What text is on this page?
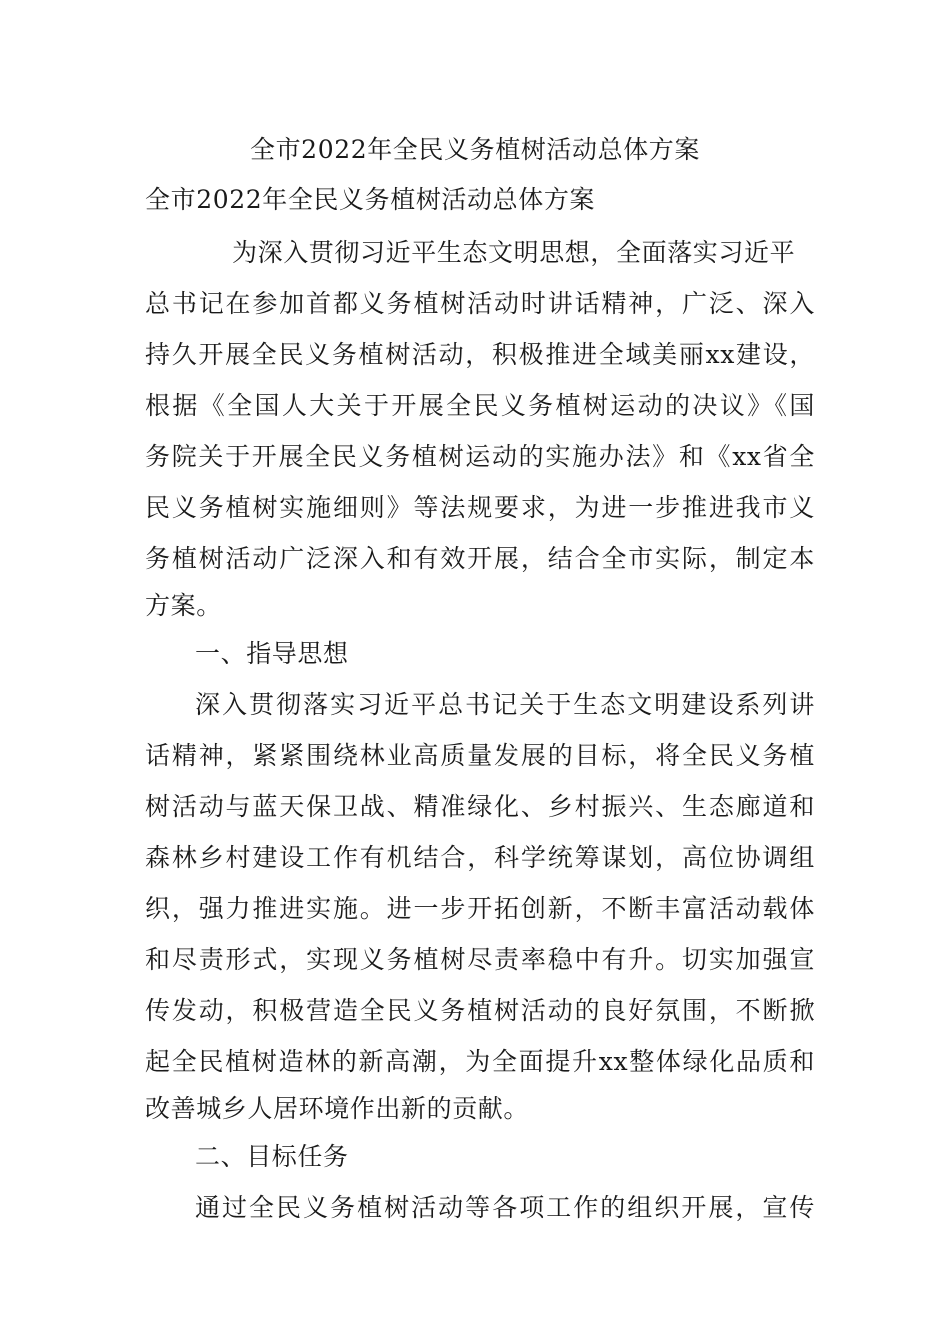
全市2022年全民义务植树活动总体方案
全市2022年全民义务植树活动总体方案
为深入贯彻习近平生态文明思想，全面落实习近平
总书记在参加首都义务植树活动时讲话精神，广泛、深入
持久开展全民义务植树活动，积极推进全域美丽xx建设，
根据《全国人大关于开展全民义务植树运动的决议》《国
务院关于开展全民义务植树运动的实施办法》和《xx省全
民义务植树实施细则》等法规要求，为进一步推进我市义
务植树活动广泛深入和有效开展，结合全市实际，制定本
方案。
一、指导思想
深入贯彻落实习近平总书记关于生态文明建设系列讲
话精神，紧紧围绕林业高质量发展的目标，将全民义务植
树活动与蓝天保卫战、精准绿化、乡村振兴、生态廊道和
森林乡村建设工作有机结合，科学统筹谋划，高位协调组
织，强力推进实施。进一步开拓创新，不断丰富活动载体
和尽责形式，实现义务植树尽责率稳中有升。切实加强宣
传发动，积极营造全民义务植树活动的良好氛围，不断掀
起全民植树造林的新高潮，为全面提升xx整体绿化品质和
改善城乡人居环境作出新的贡献。
二、目标任务
通过全民义务植树活动等各项工作的组织开展，宣传
